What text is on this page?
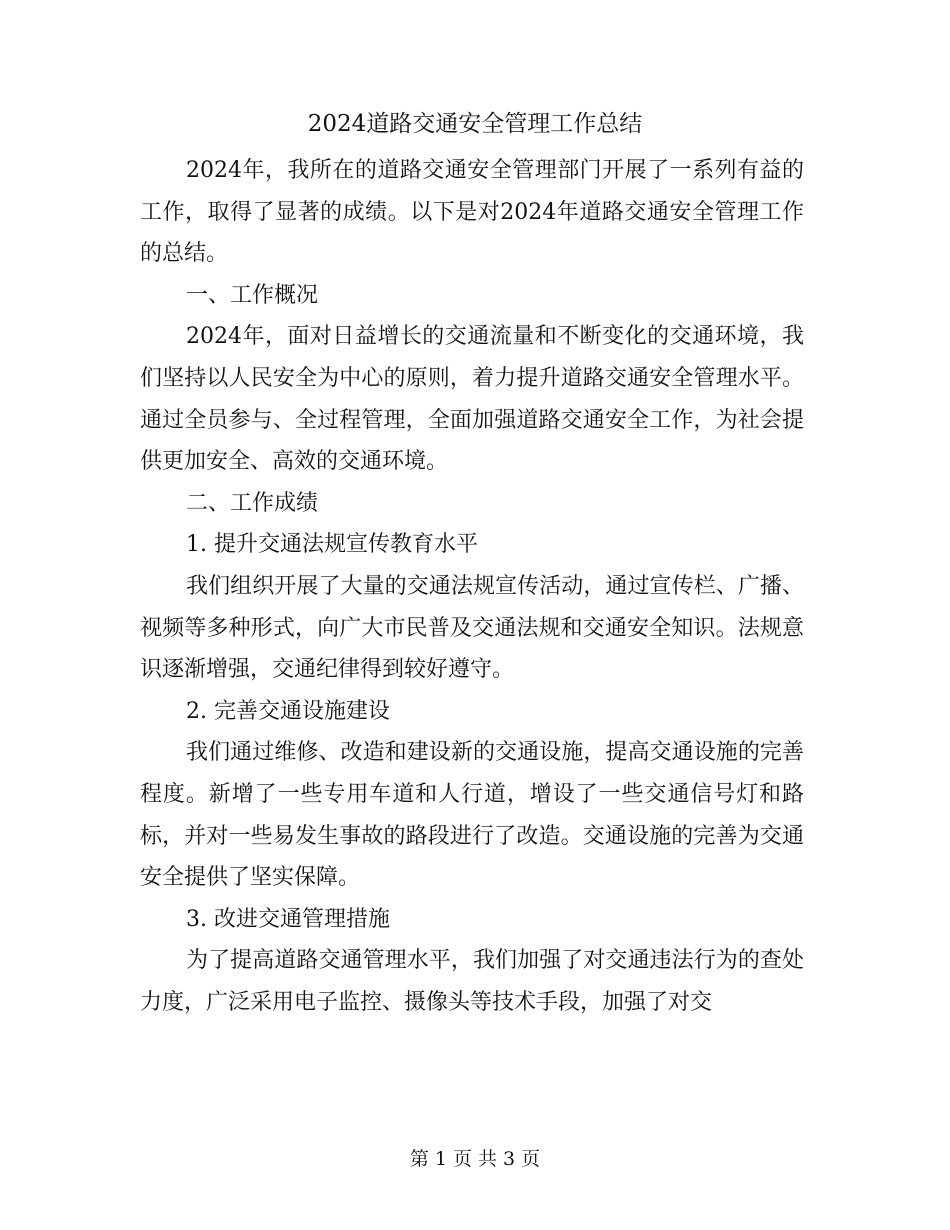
2024道路交通安全管理工作总结

2024年，我所在的道路交通安全管理部门开展了一系列有益的工作，取得了显著的成绩。以下是对2024年道路交通安全管理工作的总结。

一、工作概况

2024年，面对日益增长的交通流量和不断变化的交通环境，我们坚持以人民安全为中心的原则，着力提升道路交通安全管理水平。通过全员参与、全过程管理，全面加强道路交通安全工作，为社会提供更加安全、高效的交通环境。

二、工作成绩

1. 提升交通法规宣传教育水平

我们组织开展了大量的交通法规宣传活动，通过宣传栏、广播、视频等多种形式，向广大市民普及交通法规和交通安全知识。法规意识逐渐增强，交通纪律得到较好遵守。

2. 完善交通设施建设

我们通过维修、改造和建设新的交通设施，提高交通设施的完善程度。新增了一些专用车道和人行道，增设了一些交通信号灯和路标，并对一些易发生事故的路段进行了改造。交通设施的完善为交通安全提供了坚实保障。

3. 改进交通管理措施

为了提高道路交通管理水平，我们加强了对交通违法行为的查处力度，广泛采用电子监控、摄像头等技术手段，加强了对交

第 1 页 共 3 页
